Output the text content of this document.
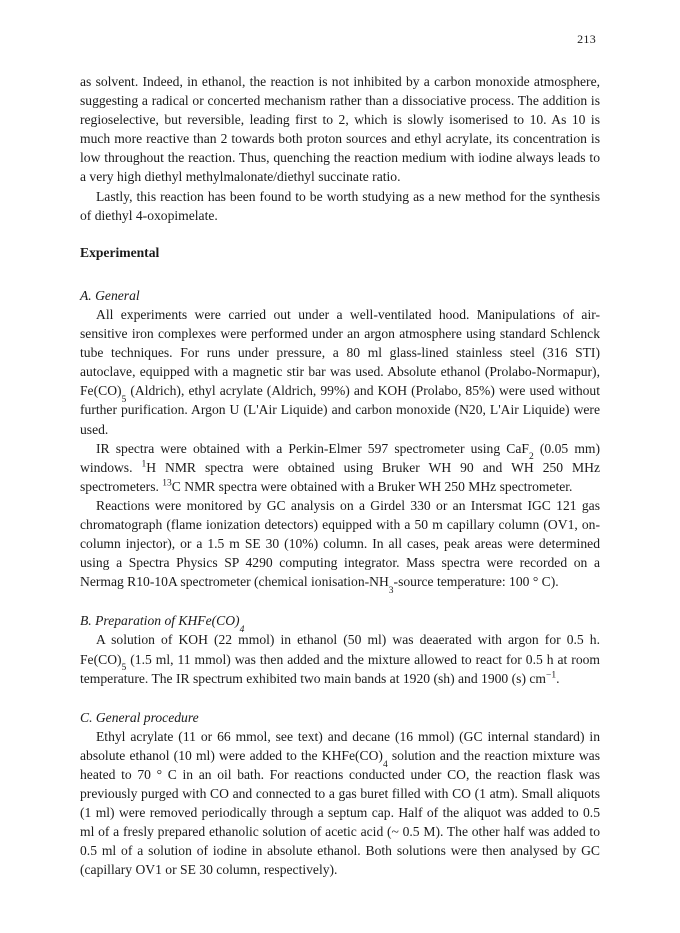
213

as solvent. Indeed, in ethanol, the reaction is not inhibited by a carbon monoxide atmosphere, suggesting a radical or concerted mechanism rather than a dissociative process. The addition is regioselective, but reversible, leading first to 2, which is slowly isomerised to 10. As 10 is much more reactive than 2 towards both proton sources and ethyl acrylate, its concentration is low throughout the reaction. Thus, quenching the reaction medium with iodine always leads to a very high diethyl methylmalonate/diethyl succinate ratio.

Lastly, this reaction has been found to be worth studying as a new method for the synthesis of diethyl 4-oxopimelate.

Experimental

A. General

All experiments were carried out under a well-ventilated hood. Manipulations of air-sensitive iron complexes were performed under an argon atmosphere using standard Schlenck tube techniques. For runs under pressure, a 80 ml glass-lined stainless steel (316 STI) autoclave, equipped with a magnetic stir bar was used. Absolute ethanol (Prolabo-Normapur), $Fe(CO)_5$ (Aldrich), ethyl acrylate (Aldrich, 99%) and KOH (Prolabo, 85%) were used without further purification. Argon U (L'Air Liquide) and carbon monoxide (N20, L'Air Liquide) were used.

IR spectra were obtained with a Perkin-Elmer 597 spectrometer using CaF$_2$ (0.05 mm) windows. $^1$H NMR spectra were obtained using Bruker WH 90 and WH 250 MHz spectrometers. $^{13}$C NMR spectra were obtained with a Bruker WH 250 MHz spectrometer.

Reactions were monitored by GC analysis on a Girdel 330 or an Intersmat IGC 121 gas chromatograph (flame ionization detectors) equipped with a 50 m capillary column (OV1, on-column injector), or a 1.5 m SE 30 (10%) column. In all cases, peak areas were determined using a Spectra Physics SP 4290 computing integrator. Mass spectra were recorded on a Nermag R10-10A spectrometer (chemical ionisation-$NH_3$-source temperature: 100 ° C).

B. Preparation of $KHFe(CO)_4$

A solution of KOH (22 mmol) in ethanol (50 ml) was deaerated with argon for 0.5 h. $Fe(CO)_5$ (1.5 ml, 11 mmol) was then added and the mixture allowed to react for 0.5 h at room temperature. The IR spectrum exhibited two main bands at 1920 (sh) and 1900 (s) $cm^{-1}$.

C. General procedure

Ethyl acrylate (11 or 66 mmol, see text) and decane (16 mmol) (GC internal standard) in absolute ethanol (10 ml) were added to the $KHFe(CO)_4$ solution and the reaction mixture was heated to 70 ° C in an oil bath. For reactions conducted under CO, the reaction flask was previously purged with CO and connected to a gas buret filled with CO (1 atm). Small aliquots (1 ml) were removed periodically through a septum cap. Half of the aliquot was added to 0.5 ml of a fresly prepared ethanolic solution of acetic acid (~ 0.5 M). The other half was added to 0.5 ml of a solution of iodine in absolute ethanol. Both solutions were then analysed by GC (capillary OV1 or SE 30 column, respectively).
